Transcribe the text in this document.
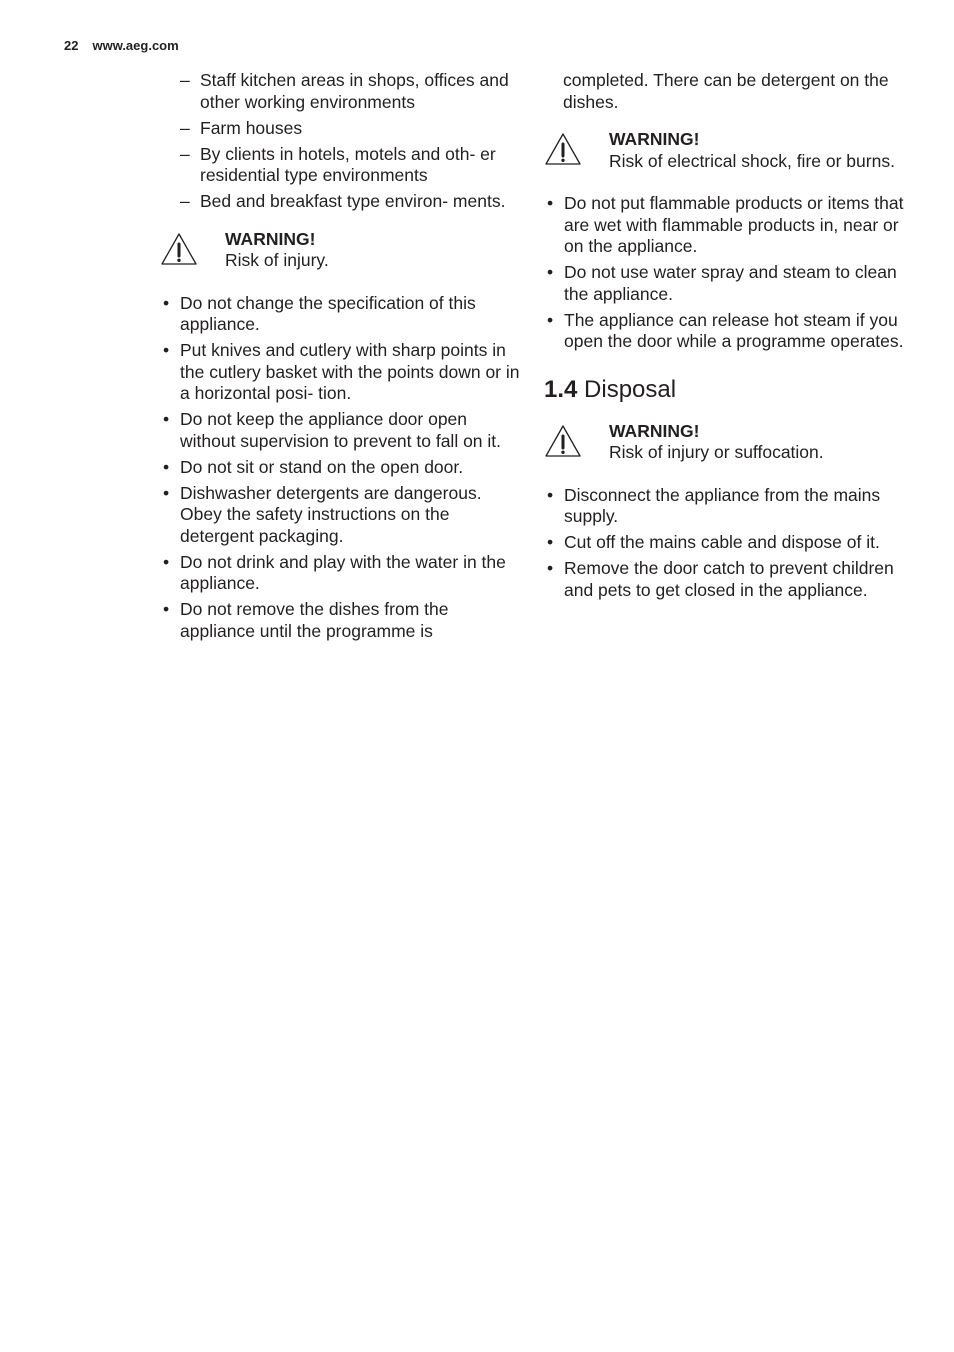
22 www.aeg.com
– Staff kitchen areas in shops, offices and other working environments
– Farm houses
– By clients in hotels, motels and oth- er residential type environments
– Bed and breakfast type environ- ments.
WARNING!
Risk of injury.
• Do not change the specification of this appliance.
• Put knives and cutlery with sharp points in the cutlery basket with the points down or in a horizontal posi- tion.
• Do not keep the appliance door open without supervision to prevent to fall on it.
• Do not sit or stand on the open door.
• Dishwasher detergents are dangerous. Obey the safety instructions on the detergent packaging.
• Do not drink and play with the water in the appliance.
• Do not remove the dishes from the appliance until the programme is

completed. There can be detergent on the dishes.

WARNING!
Risk of electrical shock, fire or burns.
• Do not put flammable products or items that are wet with flammable products in, near or on the appliance.
• Do not use water spray and steam to clean the appliance.
• The appliance can release hot steam if you open the door while a programme operates.
1.4 Disposal
WARNING!
Risk of injury or suffocation.
• Disconnect the appliance from the mains supply.
• Cut off the mains cable and dispose of it.
• Remove the door catch to prevent children and pets to get closed in the appliance.
